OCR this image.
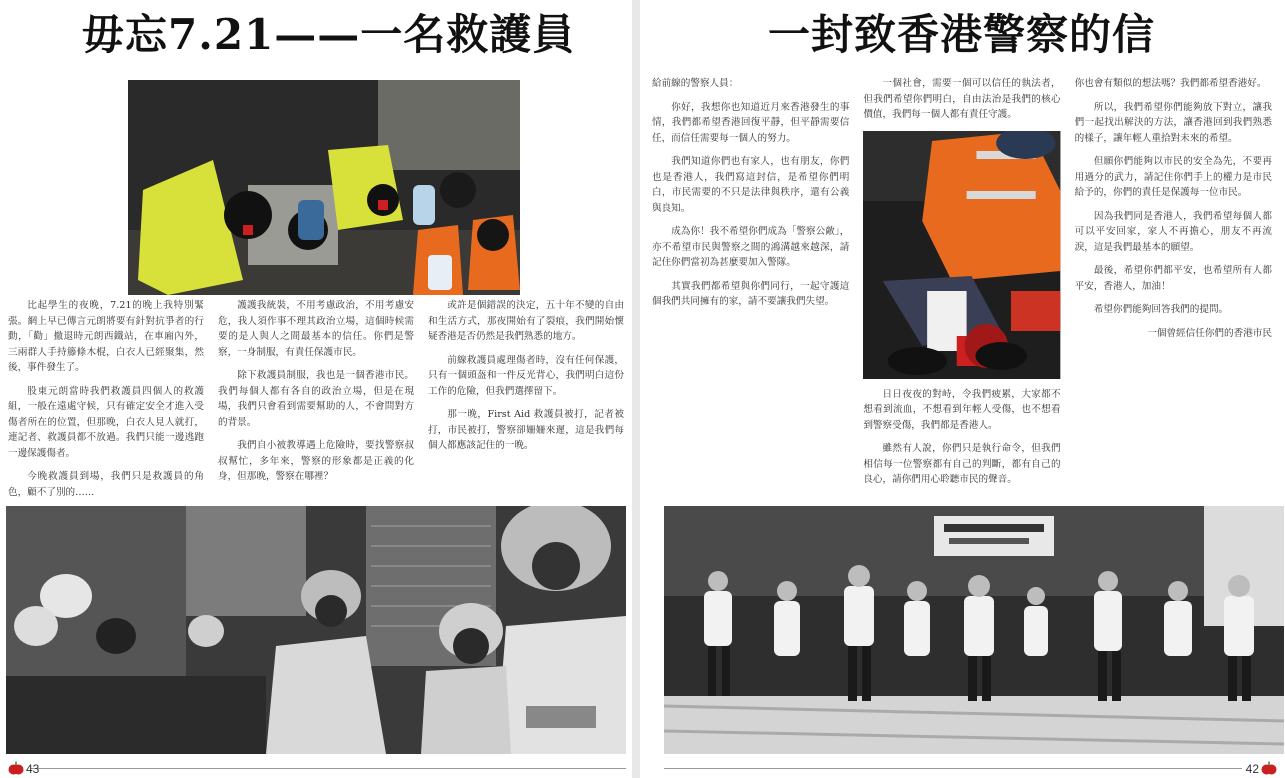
毋忘7.21——一名救護員

比起學生的夜晚，7.21的晚上我特別緊張。網上早已傳言元朗將要有針對抗爭者的行動，「勸」撤退時元朗西鐵站，在車廂內外，三兩群人手持籐條木棍，白衣人已經聚集，然後，事件發生了。

股東元朗當時我們救護員四個人的救護組，一般在遠處守候，只有確定安全才進入受傷者所在的位置，但那晚，白衣人見人就打，連記者、救護員都不放過。我們只能一邊逃跑一邊保護傷者。

今晚救護員到場，我們只是救護員的角色，顧不了別的……

護護我統裝，不用考慮政治，不用考慮安危，我人須作事不理其政治立場，這個時候需要的是人與人之間最基本的信任。你們是警察，一身制服，有責任保護市民。

除下救護員制服，我也是一個香港市民。我們每個人都有各自的政治立場，但是在現場，我們只會看到需要幫助的人，不會問對方的背景。

我們自小被教導遇上危險時，要找警察叔叔幫忙，多年來，警察的形象都是正義的化身，但那晚，警察在哪裡？

或許是個錯誤的決定，五十年不變的自由和生活方式，那夜開始有了裂痕，我們開始懷疑香港是否仍然是我們熟悉的地方。

前線救護員處理傷者時，沒有任何保護，只有一個頭盔和一件反光背心，我們明白這份工作的危險，但我們選擇留下。

那一晚，First Aid 救護員被打，記者被打，市民被打，警察卻姍姍來遲，這是我們每個人都應該記住的一晚。

43
一封致香港警察的信

給前線的警察人員：

你好，我想你也知道近月來香港發生的事情，我們都希望香港回復平靜，但平靜需要信任，而信任需要每一個人的努力。

我們知道你們也有家人，也有朋友，你們也是香港人，我們寫這封信，是希望你們明白，市民需要的不只是法律與秩序，還有公義與良知。

成為你！我不希望你們成為「警察公敵」，亦不希望市民與警察之間的鴻溝越來越深，請記住你們當初為甚麼要加入警隊。

其實我們都希望與你們同行，一起守護這個我們共同擁有的家，請不要讓我們失望。

一個社會，需要一個可以信任的執法者，但我們希望你們明白，自由法治是我們的核心價值，我們每一個人都有責任守護。

日日夜夜的對峙，令我們疲累，大家都不想看到流血，不想看到年輕人受傷，也不想看到警察受傷，我們都是香港人。

雖然有人說，你們只是執行命令，但我們相信每一位警察都有自己的判斷，都有自己的良心，請你們用心聆聽市民的聲音。

你也會有類似的想法嗎？我們都希望香港好。

所以，我們希望你們能夠放下對立，讓我們一起找出解決的方法，讓香港回到我們熟悉的樣子，讓年輕人重拾對未來的希望。

但願你們能夠以市民的安全為先，不要再用過分的武力，請記住你們手上的權力是市民給予的，你們的責任是保護每一位市民。

因為我們同是香港人，我們希望每個人都可以平安回家，家人不再擔心，朋友不再流淚，這是我們最基本的願望。

最後，希望你們都平安，也希望所有人都平安，香港人，加油！

希望你們能夠回答我們的提問。

一個曾經信任你們的香港市民

42
